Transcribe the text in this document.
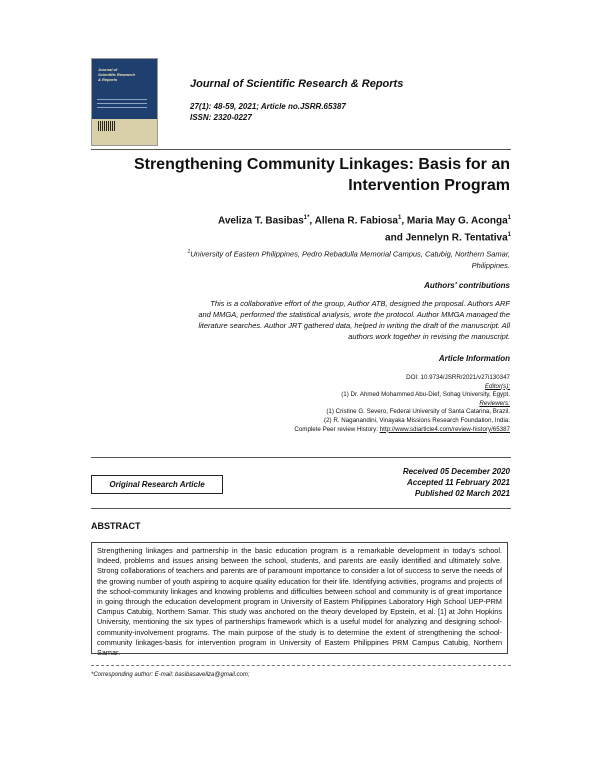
Journal of
Scientific Research
& Reports	Journal of Scientific Research & Reports
27(1): 48-59, 2021; Article no.JSRR.65387
ISSN: 2320-0227
Strengthening Community Linkages: Basis for an
Intervention Program
Aveliza T. Basibas$^{1*}$, Allena R. Fabiosa$^1$, Maria May G. Aconga$^1$
and Jennelyn R. Tentativa$^1$
$^1$University of Eastern Philippines, Pedro Rebadulla Memorial Campus, Catubig, Northern Samar,
Philippines.
Authors' contributions
This is a collaborative effort of the group, Author ATB, designed the proposal. Authors ARF
and MMGA, performed the statistical analysis, wrote the protocol. Author MMGA managed the
literature searches. Author JRT gathered data, helped in writing the draft of the manuscript. All
authors work together in revising the manuscript.
Article Information
DOI: 10.9734/JSRR/2021/v27i130347
Editor(s):
(1) Dr. Ahmed Mohammed Abu-Dief, Sohag University, Egypt.
Reviewers:
(1) Cristine G. Severo, Federal University of Santa Catarina, Brazil.
(2) R. Naganandini, Vinayaka Missions Research Foundation, India.
Complete Peer review History: http://www.sdiarticle4.com/review-history/65387
Original Research Article
Received 05 December 2020
Accepted 11 February 2021
Published 02 March 2021
ABSTRACT
Strengthening linkages and partnership in the basic education program is a remarkable development in today's school. Indeed, problems and issues arising between the school, students, and parents are easily identified and ultimately solve. Strong collaborations of teachers and parents are of paramount importance to consider a lot of success to serve the needs of the growing number of youth aspiring to acquire quality education for their life. Identifying activities, programs and projects of the school-community linkages and knowing problems and difficulties between school and community is of great importance in going through the education development program in University of Eastern Philippines Laboratory High School UEP-PRM Campus Catubig, Northern Samar. This study was anchored on the theory developed by Epstein, et al. [1] at John Hopkins University, mentioning the six types of partnerships framework which is a useful model for analyzing and designing school-community-involvement programs. The main purpose of the study is to determine the extent of strengthening the school-community linkages-basis for intervention program in University of Eastern Philippines PRM Campus Catubig, Northern Samar.
*Corresponding author: E-mail: basibasaveliza@gmail.com;
